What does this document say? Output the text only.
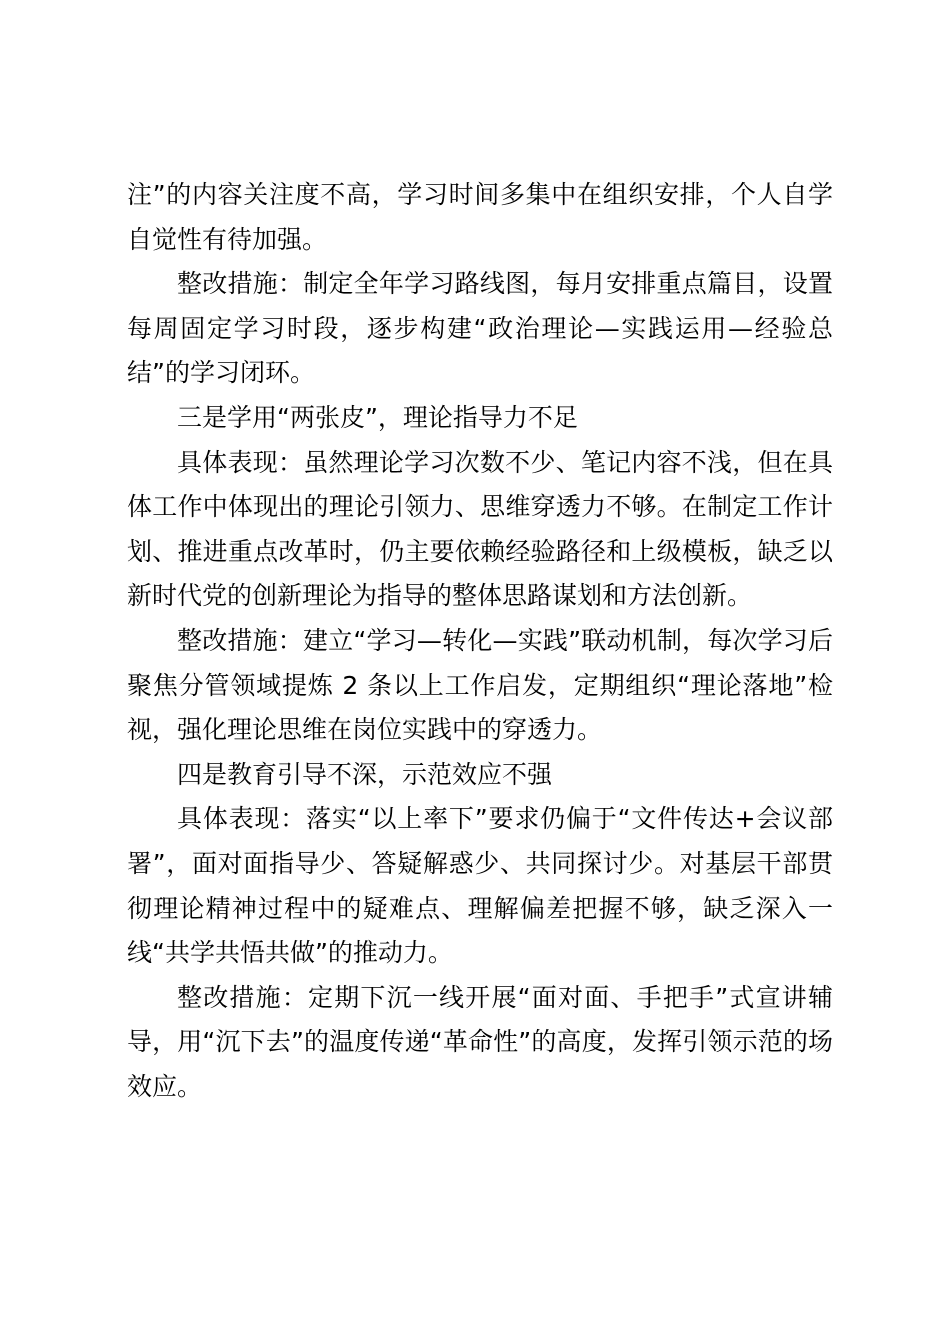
注”的内容关注度不高，学习时间多集中在组织安排，个人自学自觉性有待加强。

整改措施：制定全年学习路线图，每月安排重点篇目，设置每周固定学习时段，逐步构建“政治理论—实践运用—经验总结”的学习闭环。

三是学用“两张皮”，理论指导力不足

具体表现：虽然理论学习次数不少、笔记内容不浅，但在具体工作中体现出的理论引领力、思维穿透力不够。在制定工作计划、推进重点改革时，仍主要依赖经验路径和上级模板，缺乏以新时代党的创新理论为指导的整体思路谋划和方法创新。

整改措施：建立“学习—转化—实践”联动机制，每次学习后聚焦分管领域提炼 2 条以上工作启发，定期组织“理论落地”检视，强化理论思维在岗位实践中的穿透力。

四是教育引导不深，示范效应不强

具体表现：落实“以上率下”要求仍偏于“文件传达+会议部署”，面对面指导少、答疑解惑少、共同探讨少。对基层干部贯彻理论精神过程中的疑难点、理解偏差把握不够，缺乏深入一线“共学共悟共做”的推动力。

整改措施：定期下沉一线开展“面对面、手把手”式宣讲辅导，用“沉下去”的温度传递“革命性”的高度，发挥引领示范的场效应。
